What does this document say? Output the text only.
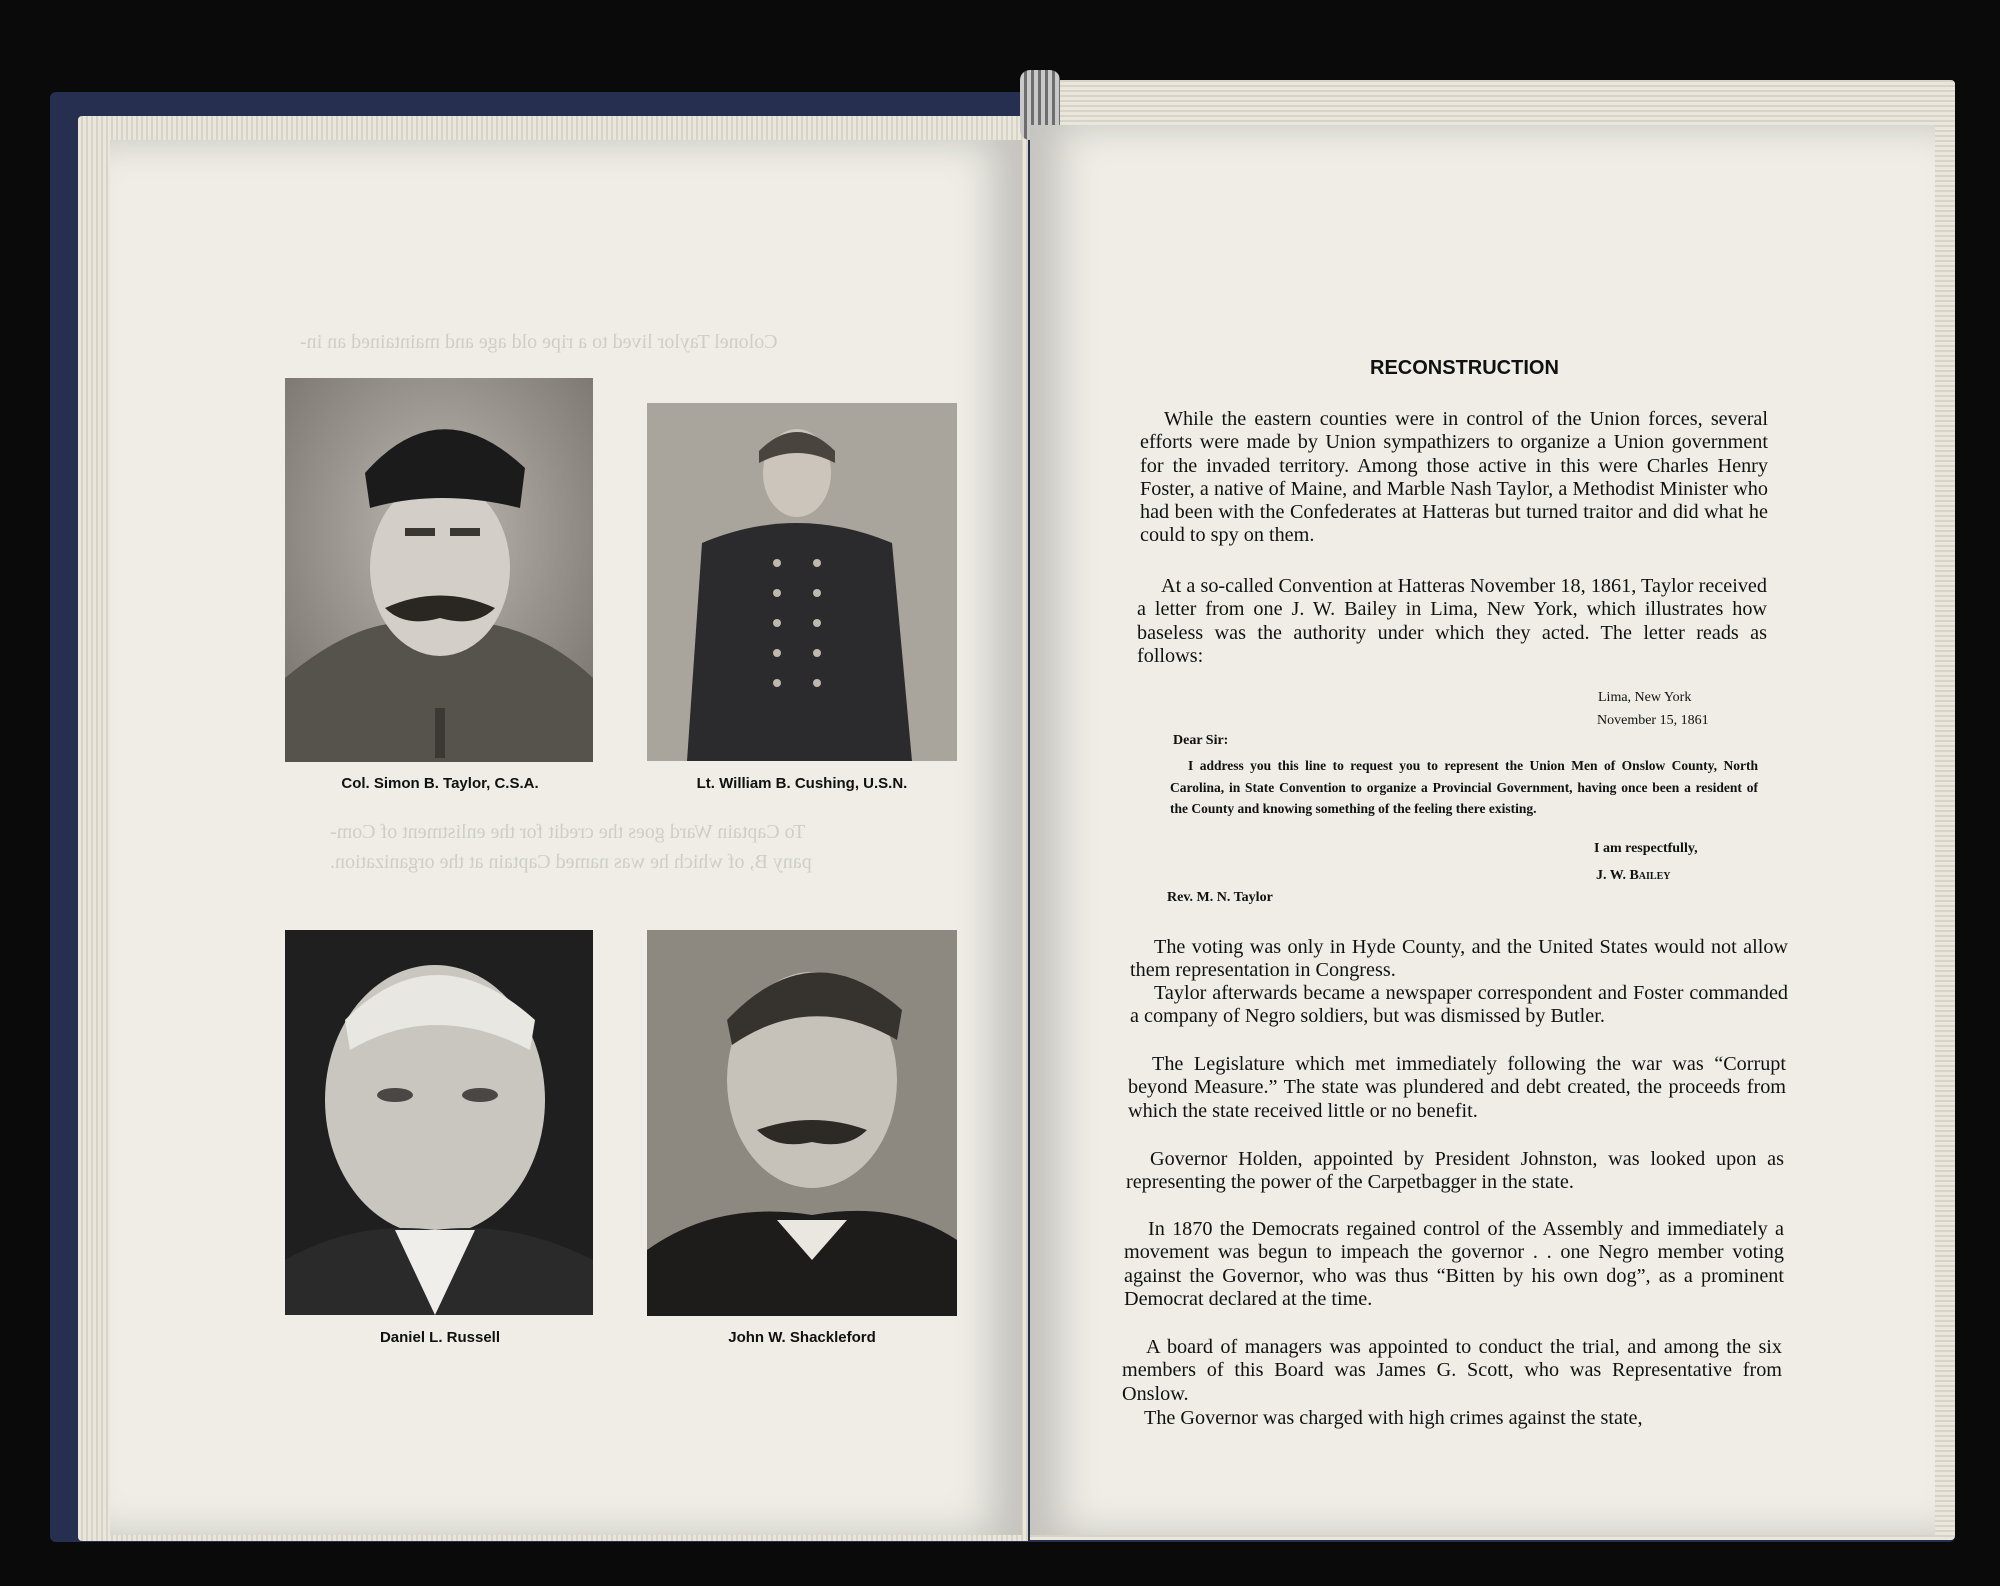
Colonel Taylor lived to a ripe old age and maintained an in-
To Captain Ward goes the credit for the enlistment of Com-
pany B, of which he was named Captain at the organization.
Col. Simon B. Taylor, C.S.A.	Lt. William B. Cushing, U.S.N.
Daniel L. Russell	John W. Shackleford
RECONSTRUCTION
While the eastern counties were in control of the Union forces, several efforts were made by Union sympathizers to organize a Union government for the invaded territory. Among those active in this were Charles Henry Foster, a native of Maine, and Marble Nash Taylor, a Methodist Minister who had been with the Confederates at Hatteras but turned traitor and did what he could to spy on them.
At a so-called Convention at Hatteras November 18, 1861, Taylor received a letter from one J. W. Bailey in Lima, New York, which illustrates how baseless was the authority under which they acted. The letter reads as follows:
Lima, New York
November 15, 1861
Dear Sir:
I address you this line to request you to represent the Union Men of Onslow County, North Carolina, in State Convention to organize a Provincial Government, having once been a resident of the County and knowing something of the feeling there existing.
I am respectfully,
J. W. Bailey
Rev. M. N. Taylor
The voting was only in Hyde County, and the United States would not allow them representation in Congress.
Taylor afterwards became a newspaper correspondent and Foster commanded a company of Negro soldiers, but was dismissed by Butler.
The Legislature which met immediately following the war was “Corrupt beyond Measure.” The state was plundered and debt created, the proceeds from which the state received little or no benefit.
Governor Holden, appointed by President Johnston, was looked upon as representing the power of the Carpetbagger in the state.
In 1870 the Democrats regained control of the Assembly and immediately a movement was begun to impeach the governor . . one Negro member voting against the Governor, who was thus “Bitten by his own dog”, as a prominent Democrat declared at the time.
A board of managers was appointed to conduct the trial, and among the six members of this Board was James G. Scott, who was Representative from Onslow.
The Governor was charged with high crimes against the state,
